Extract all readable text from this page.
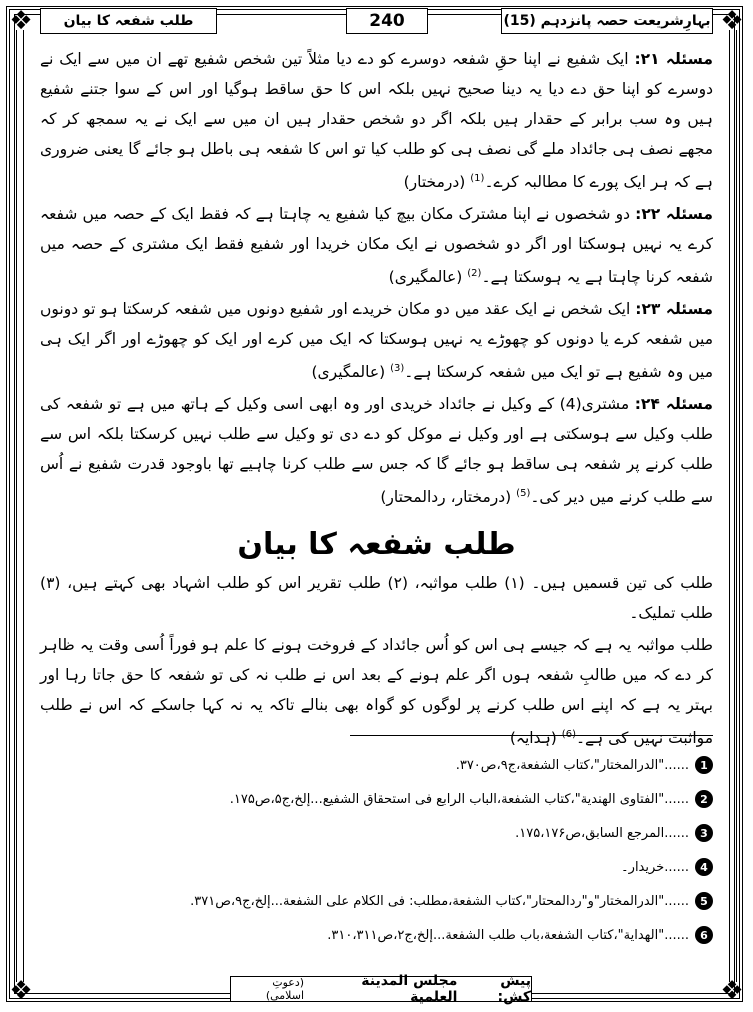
❖	❖
❖	❖
بہارِشریعت حصہ پانزدہم (15)
240
طلب شفعہ کا بیان

مسئلہ ۲۱: ایک شفیع نے اپنا حقِ شفعہ دوسرے کو دے دیا مثلاً تین شخص شفیع تھے ان میں سے ایک نے دوسرے کو اپنا حق دے دیا یہ دینا صحیح نہیں بلکہ اس کا حق ساقط ہوگیا اور اس کے سوا جتنے شفیع ہیں وہ سب برابر کے حقدار ہیں بلکہ اگر دو شخص حقدار ہیں ان میں سے ایک نے یہ سمجھ کر کہ مجھے نصف ہی جائداد ملے گی نصف ہی کو طلب کیا تو اس کا شفعہ ہی باطل ہو جائے گا یعنی ضروری ہے کہ ہر ایک پورے کا مطالبہ کرے۔$^{(1)}$ (درمختار)

مسئلہ ۲۲: دو شخصوں نے اپنا مشترک مکان بیچ کیا شفیع یہ چاہتا ہے کہ فقط ایک کے حصہ میں شفعہ کرے یہ نہیں ہوسکتا اور اگر دو شخصوں نے ایک مکان خریدا اور شفیع فقط ایک مشتری کے حصہ میں شفعہ کرنا چاہتا ہے یہ ہوسکتا ہے۔$^{(2)}$ (عالمگیری)

مسئلہ ۲۳: ایک شخص نے ایک عقد میں دو مکان خریدے اور شفیع دونوں میں شفعہ کرسکتا ہو تو دونوں میں شفعہ کرے یا دونوں کو چھوڑے یہ نہیں ہوسکتا کہ ایک میں کرے اور ایک کو چھوڑے اور اگر ایک ہی میں وہ شفیع ہے تو ایک میں شفعہ کرسکتا ہے۔$^{(3)}$ (عالمگیری)

مسئلہ ۲۴: مشتری(4) کے وکیل نے جائداد خریدی اور وہ ابھی اسی وکیل کے ہاتھ میں ہے تو شفعہ کی طلب وکیل سے ہوسکتی ہے اور وکیل نے موکل کو دے دی تو وکیل سے طلب نہیں کرسکتا بلکہ اس سے طلب کرنے پر شفعہ ہی ساقط ہو جائے گا کہ جس سے طلب کرنا چاہیے تھا باوجود قدرت شفیع نے اُس سے طلب کرنے میں دیر کی۔$^{(5)}$ (درمختار، ردالمحتار)

طلب شفعہ کا بیان

طلب کی تین قسمیں ہیں۔ (۱) طلب مواثبہ، (۲) طلب تقریر اس کو طلب اشہاد بھی کہتے ہیں، (۳) طلب تملیک۔

طلب مواثبہ یہ ہے کہ جیسے ہی اس کو اُس جائداد کے فروخت ہونے کا علم ہو فوراً اُسی وقت یہ ظاہر کر دے کہ میں طالبِ شفعہ ہوں اگر علم ہونے کے بعد اس نے طلب نہ کی تو شفعہ کا حق جاتا رہا اور بہتر یہ ہے کہ اپنے اس طلب کرنے پر لوگوں کو گواہ بھی بنالے تاکہ یہ نہ کہا جاسکے کہ اس نے طلب مواثبت نہیں کی ہے۔$^{(6)}$ (ہدایہ)

1
......"الدرالمختار"،كتاب الشفعة،ج۹،ص۳۷۰.
2
......"الفتاوى الهندية"،كتاب الشفعة،الباب الرابع فى استحقاق الشفيع...إلخ،ج۵،ص۱۷۵.
3
......المرجع السابق،ص۱۷۵،۱۷۶.
4
......خریدار۔
5
......"الدرالمختار"و"ردالمحتار"،كتاب الشفعة،مطلب: فى الكلام على الشفعة...إلخ،ج۹،ص۳۷۱.
6
......"الهداية"،كتاب الشفعة،باب طلب الشفعة...إلخ،ج۲،ص۳۱۰،۳۱۱.
پیش کش:

مجلس المدينة العلمية
(دعوتِ اسلامی)
